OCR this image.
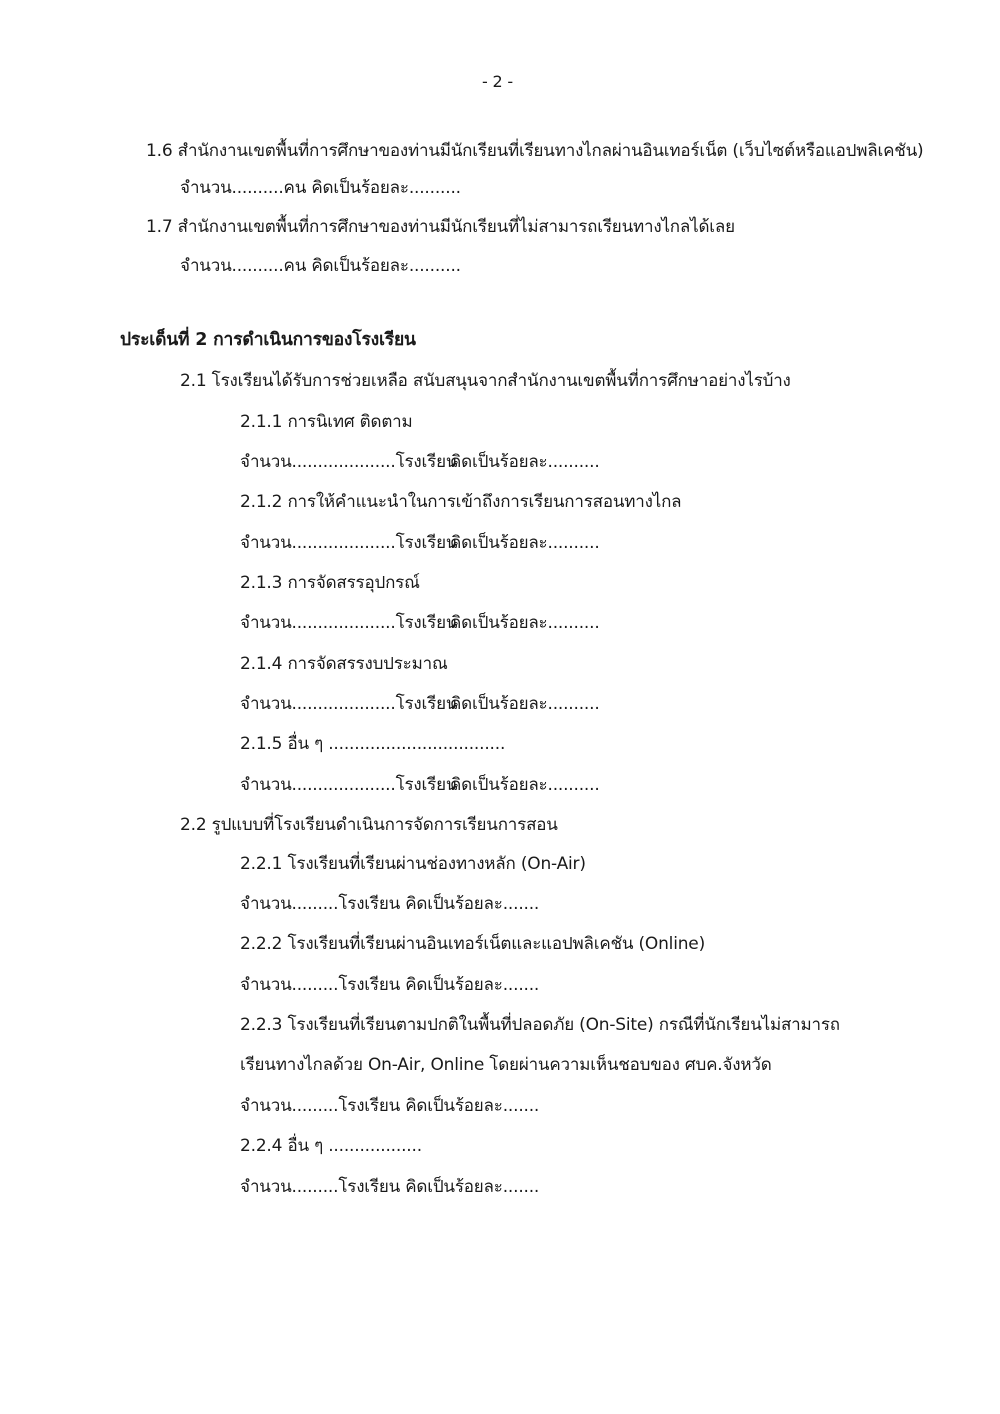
- 2 -
1.6 สำนักงานเขตพื้นที่การศึกษาของท่านมีนักเรียนที่เรียนทางไกลผ่านอินเทอร์เน็ต (เว็บไซต์หรือแอปพลิเคชัน)
จำนวน..........คน คิดเป็นร้อยละ..........
1.7 สำนักงานเขตพื้นที่การศึกษาของท่านมีนักเรียนที่ไม่สามารถเรียนทางไกลได้เลย
จำนวน..........คน คิดเป็นร้อยละ..........
ประเด็นที่ 2 การดำเนินการของโรงเรียน
2.1 โรงเรียนได้รับการช่วยเหลือ สนับสนุนจากสำนักงานเขตพื้นที่การศึกษาอย่างไรบ้าง
2.1.1 การนิเทศ ติดตาม
จำนวน....................โรงเรียนคิดเป็นร้อยละ..........
2.1.2 การให้คำแนะนำในการเข้าถึงการเรียนการสอนทางไกล
จำนวน....................โรงเรียนคิดเป็นร้อยละ..........
2.1.3 การจัดสรรอุปกรณ์
จำนวน....................โรงเรียนคิดเป็นร้อยละ..........
2.1.4 การจัดสรรงบประมาณ
จำนวน....................โรงเรียนคิดเป็นร้อยละ..........
2.1.5 อื่น ๆ ..................................
จำนวน....................โรงเรียนคิดเป็นร้อยละ..........
2.2 รูปแบบที่โรงเรียนดำเนินการจัดการเรียนการสอน
2.2.1 โรงเรียนที่เรียนผ่านช่องทางหลัก (On-Air)
จำนวน.........โรงเรียน คิดเป็นร้อยละ.......
2.2.2 โรงเรียนที่เรียนผ่านอินเทอร์เน็ตและแอปพลิเคชัน (Online)
จำนวน.........โรงเรียน คิดเป็นร้อยละ.......
2.2.3 โรงเรียนที่เรียนตามปกติในพื้นที่ปลอดภัย (On-Site) กรณีที่นักเรียนไม่สามารถ
เรียนทางไกลด้วย On-Air, Online โดยผ่านความเห็นชอบของ ศบค.จังหวัด
จำนวน.........โรงเรียน คิดเป็นร้อยละ.......
2.2.4 อื่น ๆ ..................
จำนวน.........โรงเรียน คิดเป็นร้อยละ.......
